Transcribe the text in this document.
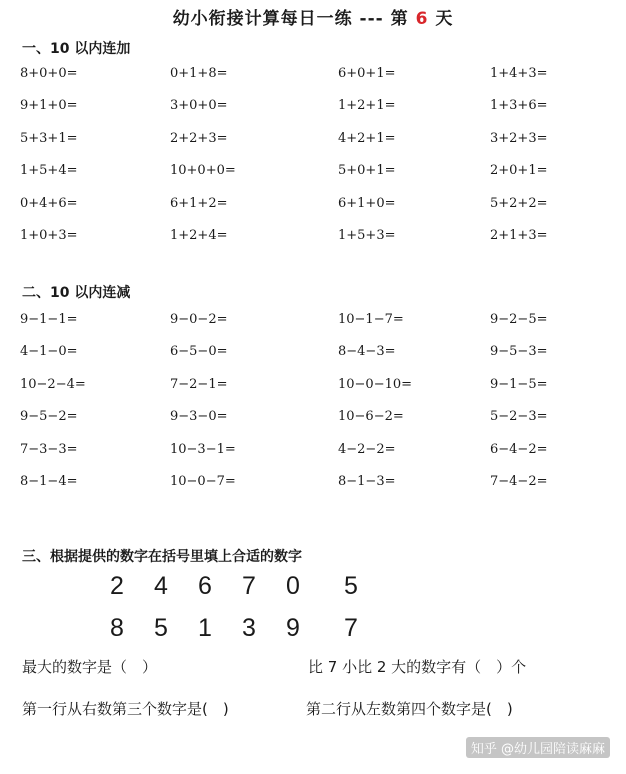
幼小衔接计算每日一练 --- 第 6 天
一、10 以内连加
8+0+0=	0+1+8=	6+0+1=	1+4+3=
9+1+0=	3+0+0=	1+2+1=	1+3+6=
5+3+1=	2+2+3=	4+2+1=	3+2+3=
1+5+4=	10+0+0=	5+0+1=	2+0+1=
0+4+6=	6+1+2=	6+1+0=	5+2+2=
1+0+3=	1+2+4=	1+5+3=	2+1+3=
二、10 以内连减
9−1−1=	9−0−2=	10−1−7=	9−2−5=
4−1−0=	6−5−0=	8−4−3=	9−5−3=
10−2−4=	7−2−1=	10−0−10=	9−1−5=
9−5−2=	9−3−0=	10−6−2=	5−2−3=
7−3−3=	10−3−1=	4−2−2=	6−4−2=
8−1−4=	10−0−7=	8−1−3=	7−4−2=
三、根据提供的数字在括号里填上合适的数字
2 4 6 7 0 5
8 5 1 3 9 7
最大的数字是（　）	比 7 小比 2 大的数字有（　）个
第一行从右数第三个数字是(　)	第二行从左数第四个数字是(　)
知乎 @幼儿园陪读麻麻
